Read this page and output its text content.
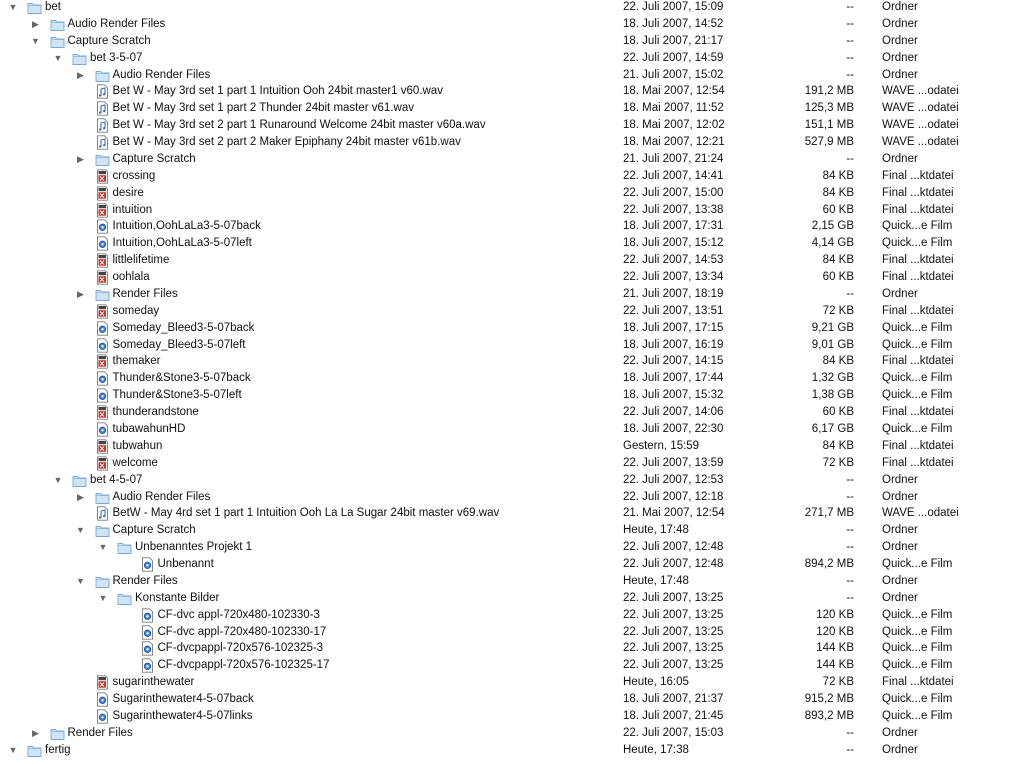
▼ bet	22. Juli 2007, 15:09	-- Ordner
▶ Audio Render Files	18. Juli 2007, 14:52	-- Ordner
▼ Capture Scratch	18. Juli 2007, 21:17	-- Ordner
▼ bet 3-5-07	22. Juli 2007, 14:59	-- Ordner
▶ Audio Render Files	21. Juli 2007, 15:02	-- Ordner
Bet W - May 3rd set 1 part 1 Intuition Ooh 24bit master1 v60.wav	18. Mai 2007, 12:54	191,2 MB WAVE ...odatei
Bet W - May 3rd set 1 part 2 Thunder 24bit master v61.wav	18. Mai 2007, 11:52	125,3 MB WAVE ...odatei
Bet W - May 3rd set 2 part 1 Runaround Welcome 24bit master v60a.wav	18. Mai 2007, 12:02	151,1 MB WAVE ...odatei
Bet W - May 3rd set 2 part 2 Maker Epiphany 24bit master v61b.wav	18. Mai 2007, 12:21	527,9 MB WAVE ...odatei
▶ Capture Scratch	21. Juli 2007, 21:24	-- Ordner
crossing	22. Juli 2007, 14:41	84 KB Final ...ktdatei
desire	22. Juli 2007, 15:00	84 KB Final ...ktdatei
intuition	22. Juli 2007, 13:38	60 KB Final ...ktdatei
Intuition,OohLaLa3-5-07back	18. Juli 2007, 17:31	2,15 GB Quick...e Film
Intuition,OohLaLa3-5-07left	18. Juli 2007, 15:12	4,14 GB Quick...e Film
littlelifetime	22. Juli 2007, 14:53	84 KB Final ...ktdatei
oohlala	22. Juli 2007, 13:34	60 KB Final ...ktdatei
▶ Render Files	21. Juli 2007, 18:19	-- Ordner
someday	22. Juli 2007, 13:51	72 KB Final ...ktdatei
Someday_Bleed3-5-07back	18. Juli 2007, 17:15	9,21 GB Quick...e Film
Someday_Bleed3-5-07left	18. Juli 2007, 16:19	9,01 GB Quick...e Film
themaker	22. Juli 2007, 14:15	84 KB Final ...ktdatei
Thunder&Stone3-5-07back	18. Juli 2007, 17:44	1,32 GB Quick...e Film
Thunder&Stone3-5-07left	18. Juli 2007, 15:32	1,38 GB Quick...e Film
thunderandstone	22. Juli 2007, 14:06	60 KB Final ...ktdatei
tubawahunHD	18. Juli 2007, 22:30	6,17 GB Quick...e Film
tubwahun	Gestern, 15:59	84 KB Final ...ktdatei
welcome	22. Juli 2007, 13:59	72 KB Final ...ktdatei
▼ bet 4-5-07	22. Juli 2007, 12:53	-- Ordner
▶ Audio Render Files	22. Juli 2007, 12:18	-- Ordner
BetW - May 4rd set 1 part 1 Intuition Ooh La La Sugar 24bit master v69.wav	21. Mai 2007, 12:54	271,7 MB WAVE ...odatei
▼ Capture Scratch	Heute, 17:48	-- Ordner
▼ Unbenanntes Projekt 1	22. Juli 2007, 12:48	-- Ordner
Unbenannt	22. Juli 2007, 12:48	894,2 MB Quick...e Film
▼ Render Files	Heute, 17:48	-- Ordner
▼ Konstante Bilder	22. Juli 2007, 13:25	-- Ordner
CF-dvc appl-720x480-102330-3	22. Juli 2007, 13:25	120 KB Quick...e Film
CF-dvc appl-720x480-102330-17	22. Juli 2007, 13:25	120 KB Quick...e Film
CF-dvcpappl-720x576-102325-3	22. Juli 2007, 13:25	144 KB Quick...e Film
CF-dvcpappl-720x576-102325-17	22. Juli 2007, 13:25	144 KB Quick...e Film
sugarinthewater	Heute, 16:05	72 KB Final ...ktdatei
Sugarinthewater4-5-07back	18. Juli 2007, 21:37	915,2 MB Quick...e Film
Sugarinthewater4-5-07links	18. Juli 2007, 21:45	893,2 MB Quick...e Film
▶ Render Files	22. Juli 2007, 15:03	-- Ordner
▼ fertig	Heute, 17:38	-- Ordner
